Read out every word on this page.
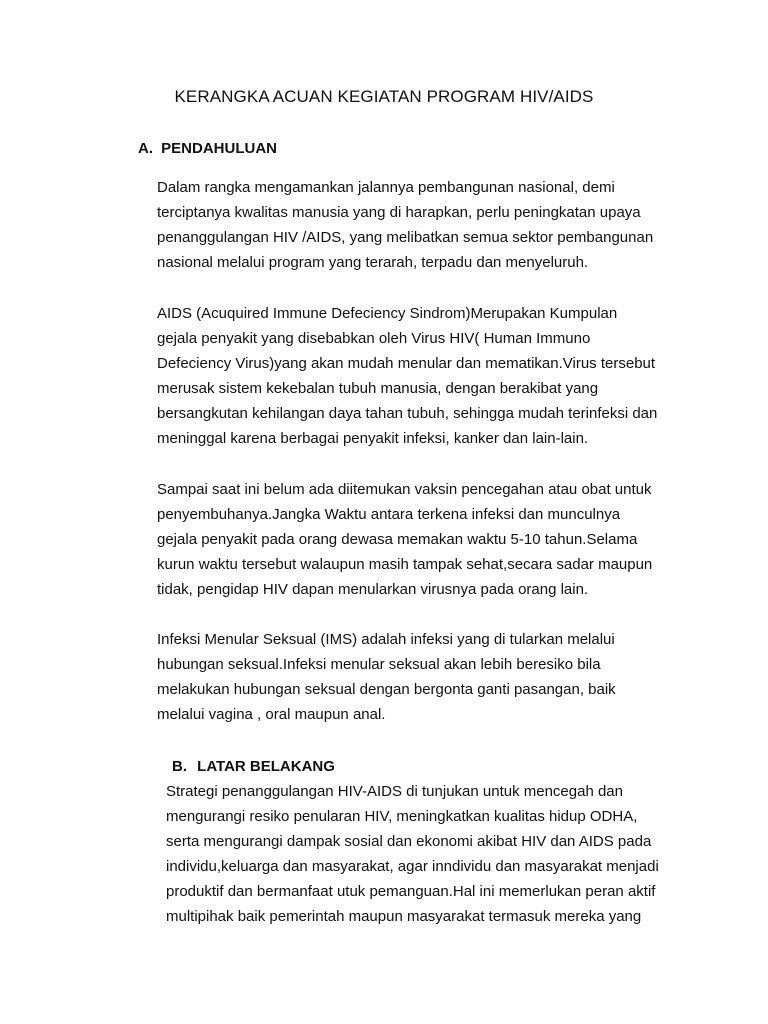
KERANGKA ACUAN KEGIATAN PROGRAM HIV/AIDS
A. PENDAHULUAN
Dalam rangka mengamankan jalannya pembangunan nasional, demi
terciptanya kwalitas manusia yang di harapkan, perlu peningkatan upaya
penanggulangan HIV /AIDS, yang melibatkan semua sektor pembangunan
nasional melalui program yang terarah, terpadu dan menyeluruh.
AIDS (Acuquired Immune Defeciency Sindrom)Merupakan Kumpulan
gejala penyakit yang disebabkan oleh Virus HIV( Human Immuno
Defeciency Virus)yang akan mudah menular dan mematikan.Virus tersebut
merusak sistem kekebalan tubuh manusia, dengan berakibat yang
bersangkutan kehilangan daya tahan tubuh, sehingga mudah terinfeksi dan
meninggal karena berbagai penyakit infeksi, kanker dan lain-lain.
Sampai saat ini belum ada diitemukan vaksin pencegahan atau obat untuk
penyembuhanya.Jangka Waktu antara terkena infeksi dan munculnya
gejala penyakit pada orang dewasa memakan waktu 5-10 tahun.Selama
kurun waktu tersebut walaupun masih tampak sehat,secara sadar maupun
tidak, pengidap HIV dapan menularkan virusnya pada orang lain.
Infeksi Menular Seksual (IMS) adalah infeksi yang di tularkan melalui
hubungan seksual.Infeksi menular seksual akan lebih beresiko bila
melakukan hubungan seksual dengan bergonta ganti pasangan, baik
melalui vagina , oral maupun anal.
B. LATAR BELAKANG
Strategi penanggulangan HIV-AIDS di tunjukan untuk mencegah dan
mengurangi resiko penularan HIV, meningkatkan kualitas hidup ODHA,
serta mengurangi dampak sosial dan ekonomi akibat HIV dan AIDS pada
individu,keluarga dan masyarakat, agar inndividu dan masyarakat menjadi
produktif dan bermanfaat utuk pemanguan.Hal ini memerlukan peran aktif
multipihak baik pemerintah maupun masyarakat termasuk mereka yang
